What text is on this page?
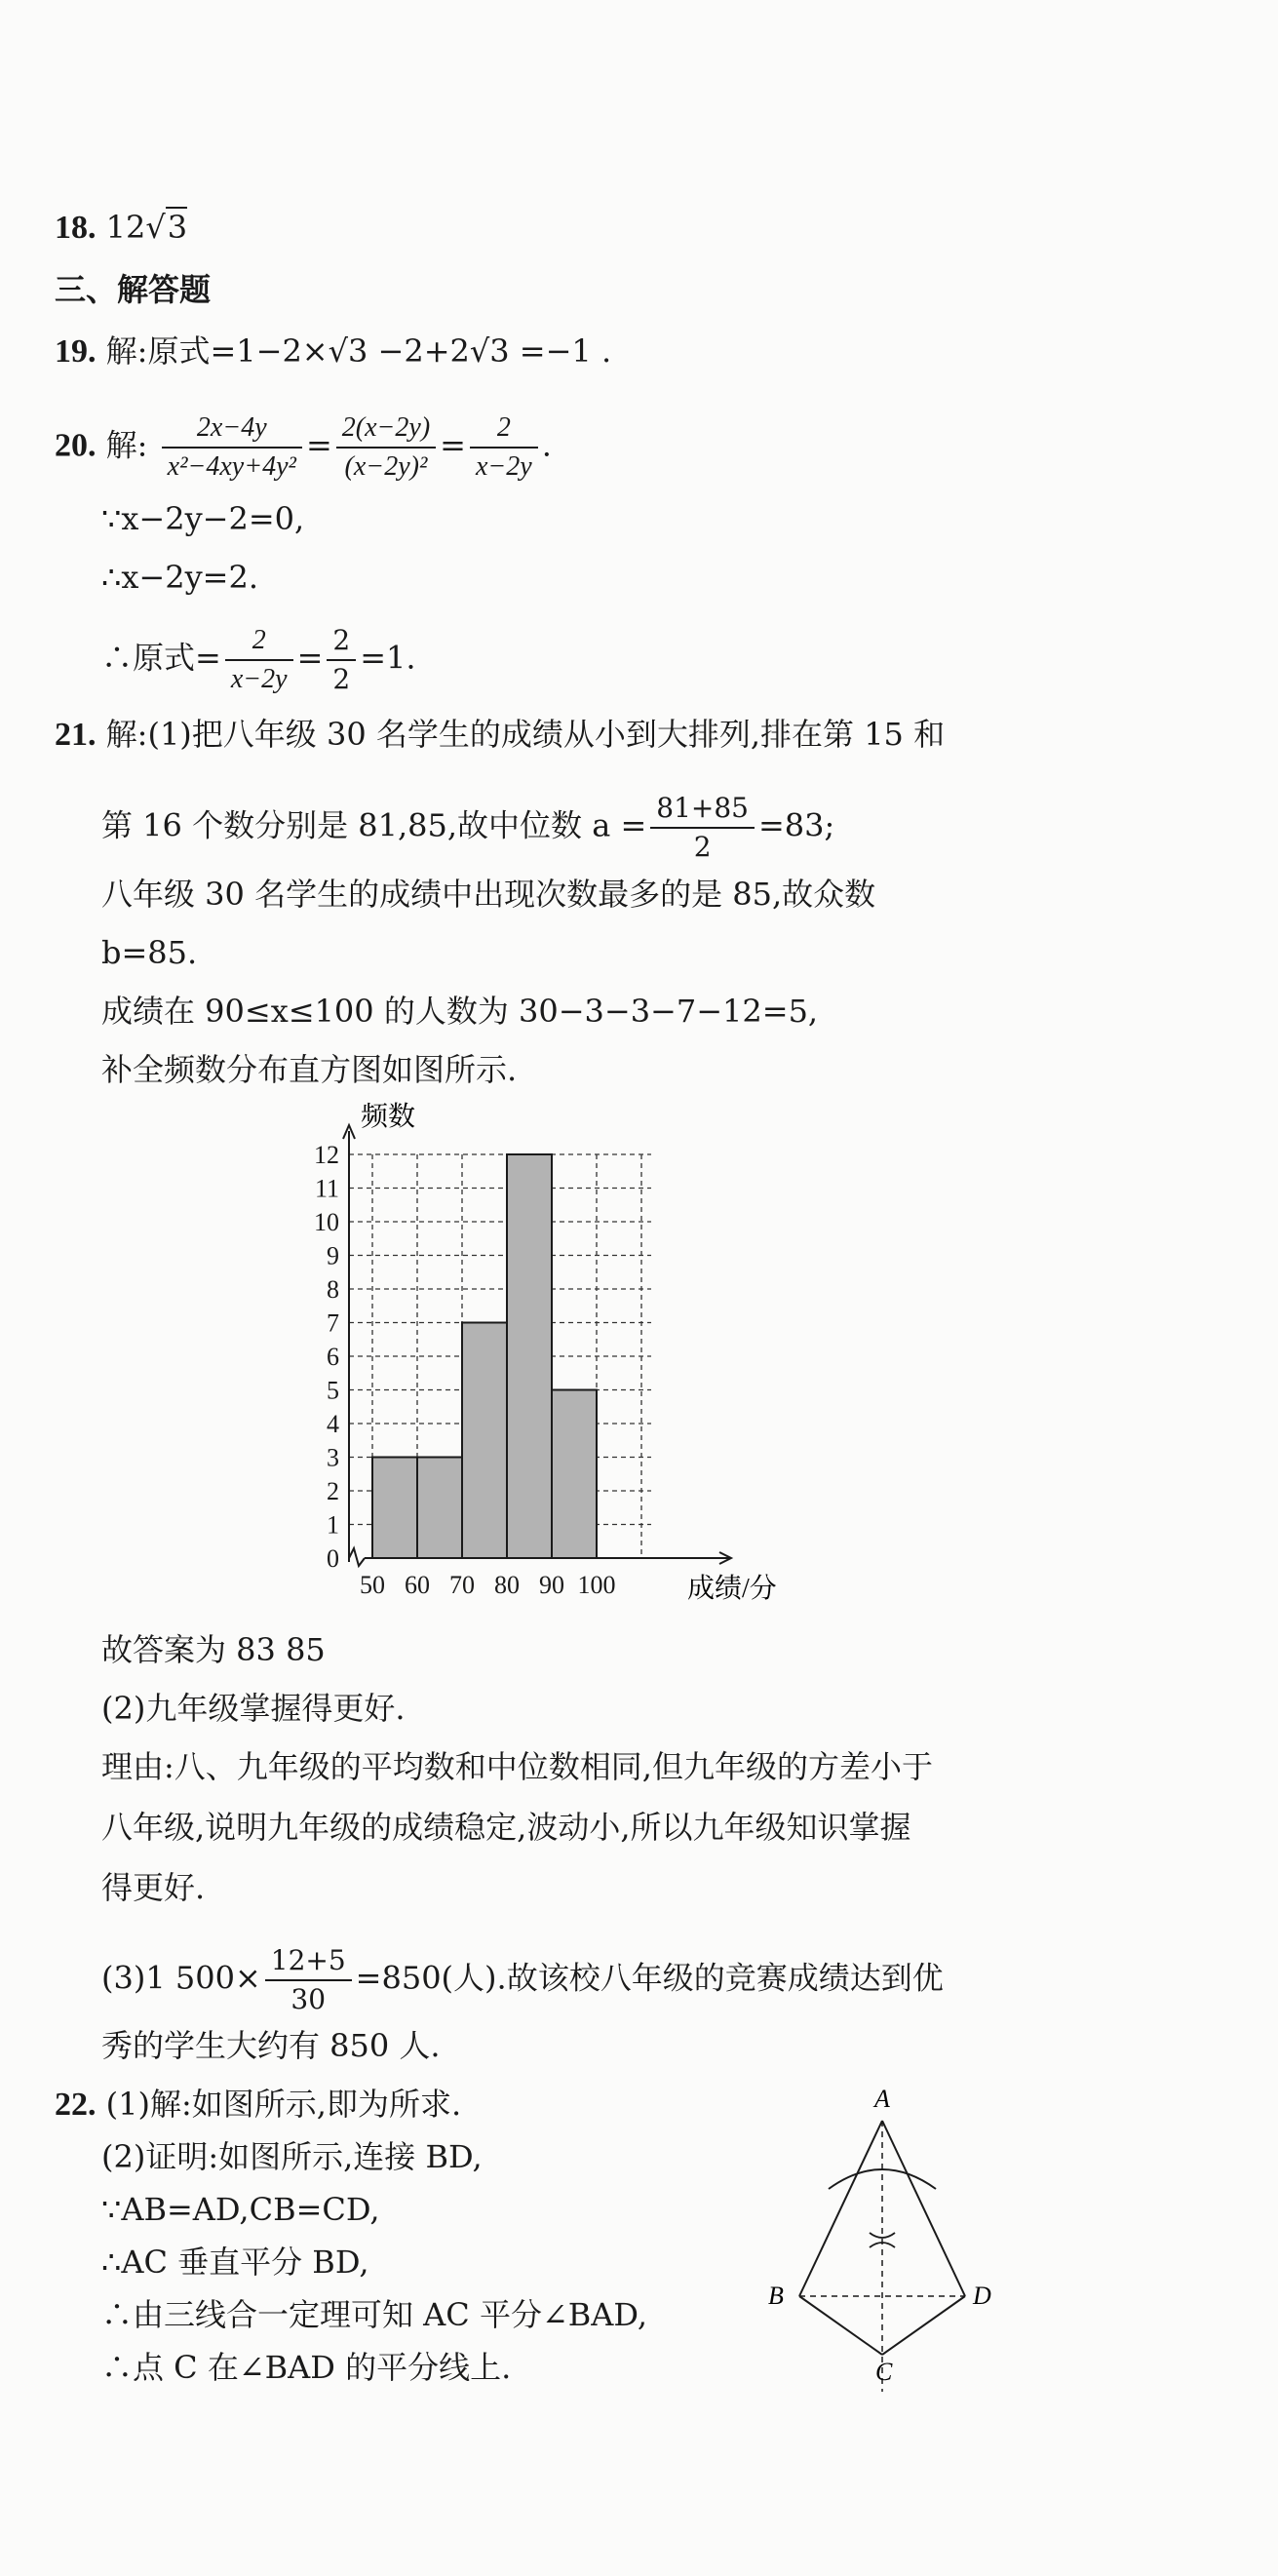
18. 12√3
三、解答题
19. 解:原式=1−2×√3 −2+2√3 =−1 .
20. 解: $\frac{2x-4y}{\text{x²−4xy+4y²}} = \frac{2(x-2y)}{\text{(x−2y)²}} = \frac{2}{x-2y}$ .
∵x−2y−2=0,
∴x−2y=2.
∴原式= $\frac{2}{x-2y} = \frac{2}{2} =1$.
21. 解:(1)把八年级 30 名学生的成绩从小到大排列,排在第 15 和
第 16 个数分别是 81,85,故中位数 $a = \frac{81+85}{2} =83$;
八年级 30 名学生的成绩中出现次数最多的是 85,故众数
b=85.
成绩在 90≤x≤100 的人数为 30−3−3−7−12=5,
补全频数分布直方图如图所示.
0
1
2
3
4
5
6
7
8
9
10
11
12
50 60 70 80 90 100
频数
成绩/分
故答案为 83 85
(2)九年级掌握得更好.
理由:八、九年级的平均数和中位数相同,但九年级的方差小于
八年级,说明九年级的成绩稳定,波动小,所以九年级知识掌握
得更好.
(3)1 $500\times \frac{12+5}{30} =850$(人).故该校八年级的竞赛成绩达到优
秀的学生大约有 850 人.
22. (1)解:如图所示,即为所求.
(2)证明:如图所示,连接 BD,
∵AB=AD,CB=CD,
∴AC 垂直平分 BD,
∴由三线合一定理可知 AC 平分∠BAD,
∴点 C 在∠BAD 的平分线上.
A
B	D
C
